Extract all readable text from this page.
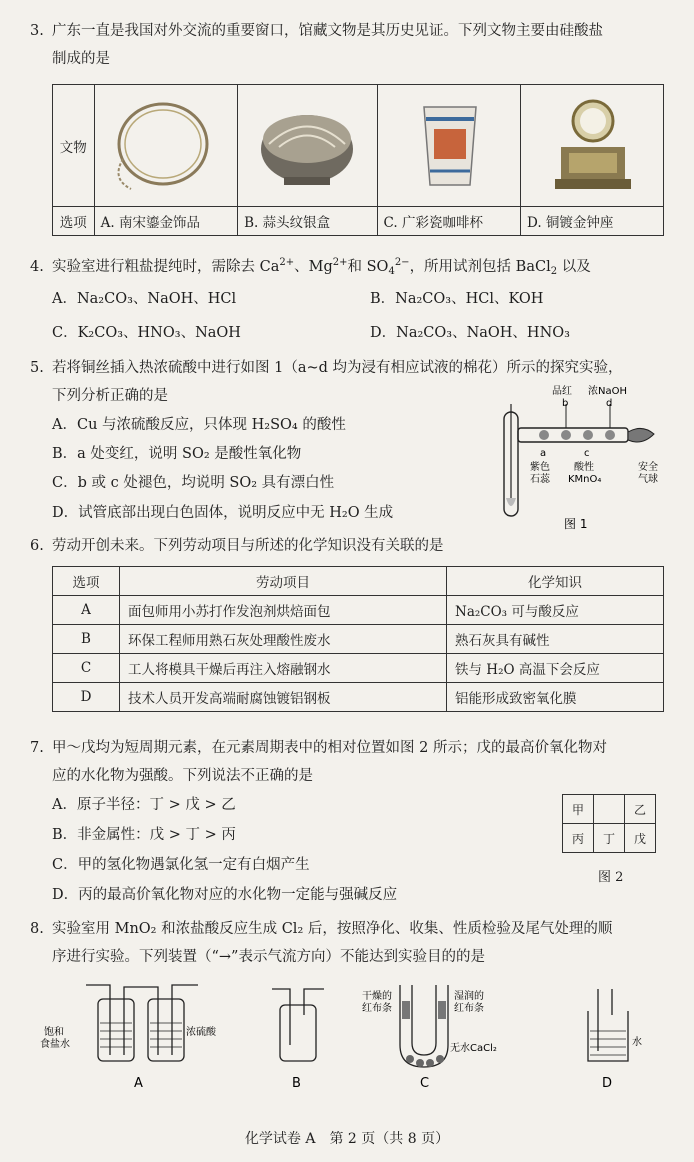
3. 广东一直是我国对外交流的重要窗口，馆藏文物是其历史见证。下列文物主要由硅酸盐
制成的是
文物				
选项	A. 南宋鎏金饰品	B. 蒜头纹银盒	C. 广彩瓷咖啡杯	D. 铜镀金钟座
4. 实验室进行粗盐提纯时，需除去 $Ca^{2+}$、$Mg^{2+}$和 $SO_4^{2-}$，所用试剂包括 BaCl$_2$ 以及
A．Na₂CO₃、NaOH、HCl	B．Na₂CO₃、HCl、KOH
C．K₂CO₃、HNO₃、NaOH	D．Na₂CO₃、NaOH、HNO₃
5. 若将铜丝插入热浓硫酸中进行如图 1（a~d 均为浸有相应试液的棉花）所示的探究实验，
下列分析正确的是
A．Cu 与浓硫酸反应，只体现 H₂SO₄ 的酸性
B．a 处变红，说明 SO₂ 是酸性氧化物
C．b 或 c 处褪色，均说明 SO₂ 具有漂白性
D．试管底部出现白色固体，说明反应中无 H₂O 生成
品红 浓NaOH
b	d
a	c
紫色
石蕊
酸性
KMnO₄
安全
气球
图 1
6. 劳动开创未来。下列劳动项目与所述的化学知识没有关联的是
选项	劳动项目	化学知识
A	面包师用小苏打作发泡剂烘焙面包	Na₂CO₃ 可与酸反应
B	环保工程师用熟石灰处理酸性废水	熟石灰具有碱性
C	工人将模具干燥后再注入熔融钢水	铁与 H₂O 高温下会反应
D	技术人员开发高端耐腐蚀镀铝钢板	铝能形成致密氧化膜
7. 甲～戊均为短周期元素，在元素周期表中的相对位置如图 2 所示；戊的最高价氧化物对
应的水化物为强酸。下列说法不正确的是
A．原子半径：丁 > 戊 > 乙
B．非金属性：戊 > 丁 > 丙
C．甲的氢化物遇氯化氢一定有白烟产生
D．丙的最高价氧化物对应的水化物一定能与强碱反应
甲		乙
丙	丁	戊
图 2
8. 实验室用 MnO₂ 和浓盐酸反应生成 Cl₂ 后，按照净化、收集、性质检验及尾气处理的顺
序进行实验。下列装置（“→”表示气流方向）不能达到实验目的的是
饱和
食盐水
浓硫酸
A	B
干燥的
红布条
湿润的
红布条
无水CaCl₂
C
水
D
化学试卷 A　第 2 页（共 8 页）
